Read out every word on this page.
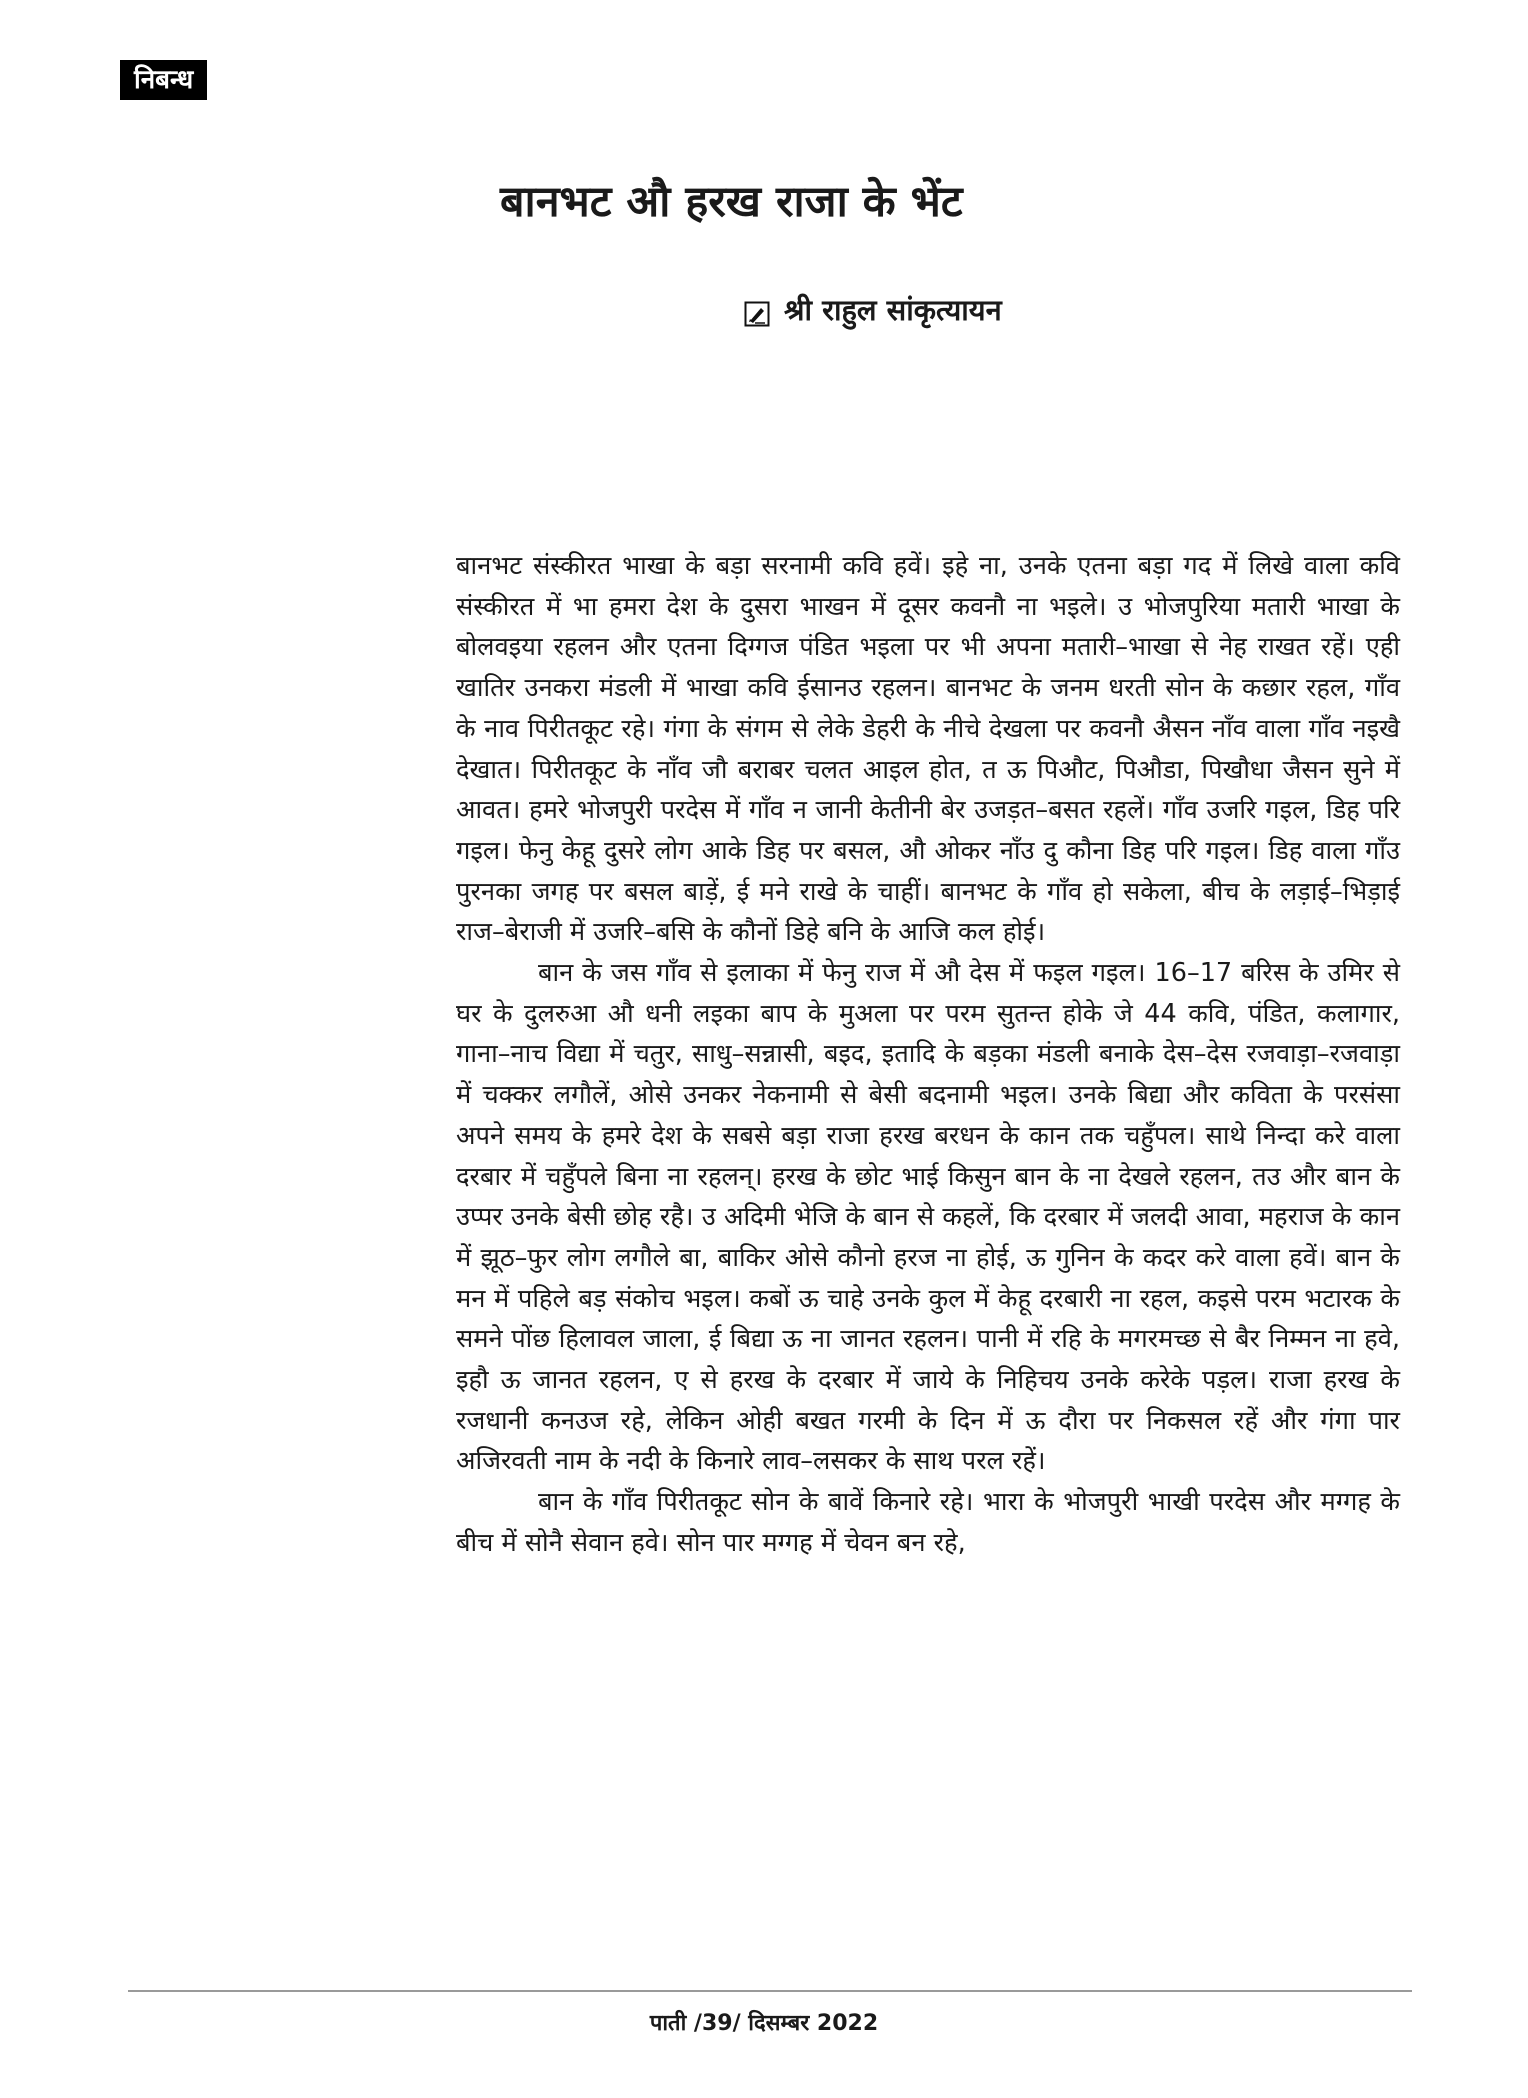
निबन्ध
बानभट औ हरख राजा के भेंट
श्री राहुल सांकृत्यायन

बानभट संस्कीरत भाखा के बड़ा सरनामी कवि हवें। इहे ना, उनके एतना बड़ा गद में लिखे वाला कवि संस्कीरत में भा हमरा देश के दुसरा भाखन में दूसर कवनौ ना भइले। उ भोजपुरिया मतारी भाखा के बोलवइया रहलन और एतना दिग्गज पंडित भइला पर भी अपना मतारी–भाखा से नेह राखत रहें। एही खातिर उनकरा मंडली में भाखा कवि ईसानउ रहलन। बानभट के जनम धरती सोन के कछार रहल, गाँव के नाव पिरीतकूट रहे। गंगा के संगम से लेके डेहरी के नीचे देखला पर कवनौ अैसन नाँव वाला गाँव नइखै देखात। पिरीतकूट के नाँव जौ बराबर चलत आइल होत, त ऊ पिऔट, पिऔडा, पिखौधा जैसन सुने में आवत। हमरे भोजपुरी परदेस में गाँव न जानी केतीनी बेर उजड़त–बसत रहलें। गाँव उजरि गइल, डिह परि गइल। फेनु केहू दुसरे लोग आके डिह पर बसल, औ ओकर नाँउ दु कौना डिह परि गइल। डिह वाला गाँउ पुरनका जगह पर बसल बाड़ें, ई मने राखे के चाहीं। बानभट के गाँव हो सकेला, बीच के लड़ाई–भिड़ाई राज–बेराजी में उजरि–बसि के कौनों डिहे बनि के आजि कल होई।

बान के जस गाँव से इलाका में फेनु राज में औ देस में फइल गइल। 16–17 बरिस के उमिर से घर के दुलरुआ औ धनी लइका बाप के मुअला पर परम सुतन्त होके जे 44 कवि, पंडित, कलागार, गाना–नाच विद्या में चतुर, साधु–सन्नासी, बइद, इतादि के बड़का मंडली बनाके देस–देस रजवाड़ा–रजवाड़ा में चक्कर लगौलें, ओसे उनकर नेकनामी से बेसी बदनामी भइल। उनके बिद्या और कविता के परसंसा अपने समय के हमरे देश के सबसे बड़ा राजा हरख बरधन के कान तक चहुँपल। साथे निन्दा करे वाला दरबार में चहुँपले बिना ना रहलन्। हरख के छोट भाई किसुन बान के ना देखले रहलन, तउ और बान के उप्पर उनके बेसी छोह रहै। उ अदिमी भेजि के बान से कहलें, कि दरबार में जलदी आवा, महराज के कान में झूठ–फुर लोग लगौले बा, बाकिर ओसे कौनो हरज ना होई, ऊ गुनिन के कदर करे वाला हवें। बान के मन में पहिले बड़ संकोच भइल। कबों ऊ चाहे उनके कुल में केहू दरबारी ना रहल, कइसे परम भटारक के समने पोंछ हिलावल जाला, ई बिद्या ऊ ना जानत रहलन। पानी में रहि के मगरमच्छ से बैर निम्मन ना हवे, इहौ ऊ जानत रहलन, ए से हरख के दरबार में जाये के निहिचय उनके करेके पड़ल। राजा हरख के रजधानी कनउज रहे, लेकिन ओही बखत गरमी के दिन में ऊ दौरा पर निकसल रहें और गंगा पार अजिरवती नाम के नदी के किनारे लाव–लसकर के साथ परल रहें।

बान के गाँव पिरीतकूट सोन के बावें किनारे रहे। भारा के भोजपुरी भाखी परदेस और मग्गह के बीच में सोनै सेवान हवे। सोन पार मग्गह में चेवन बन रहे,

पाती /39/ दिसम्बर 2022
